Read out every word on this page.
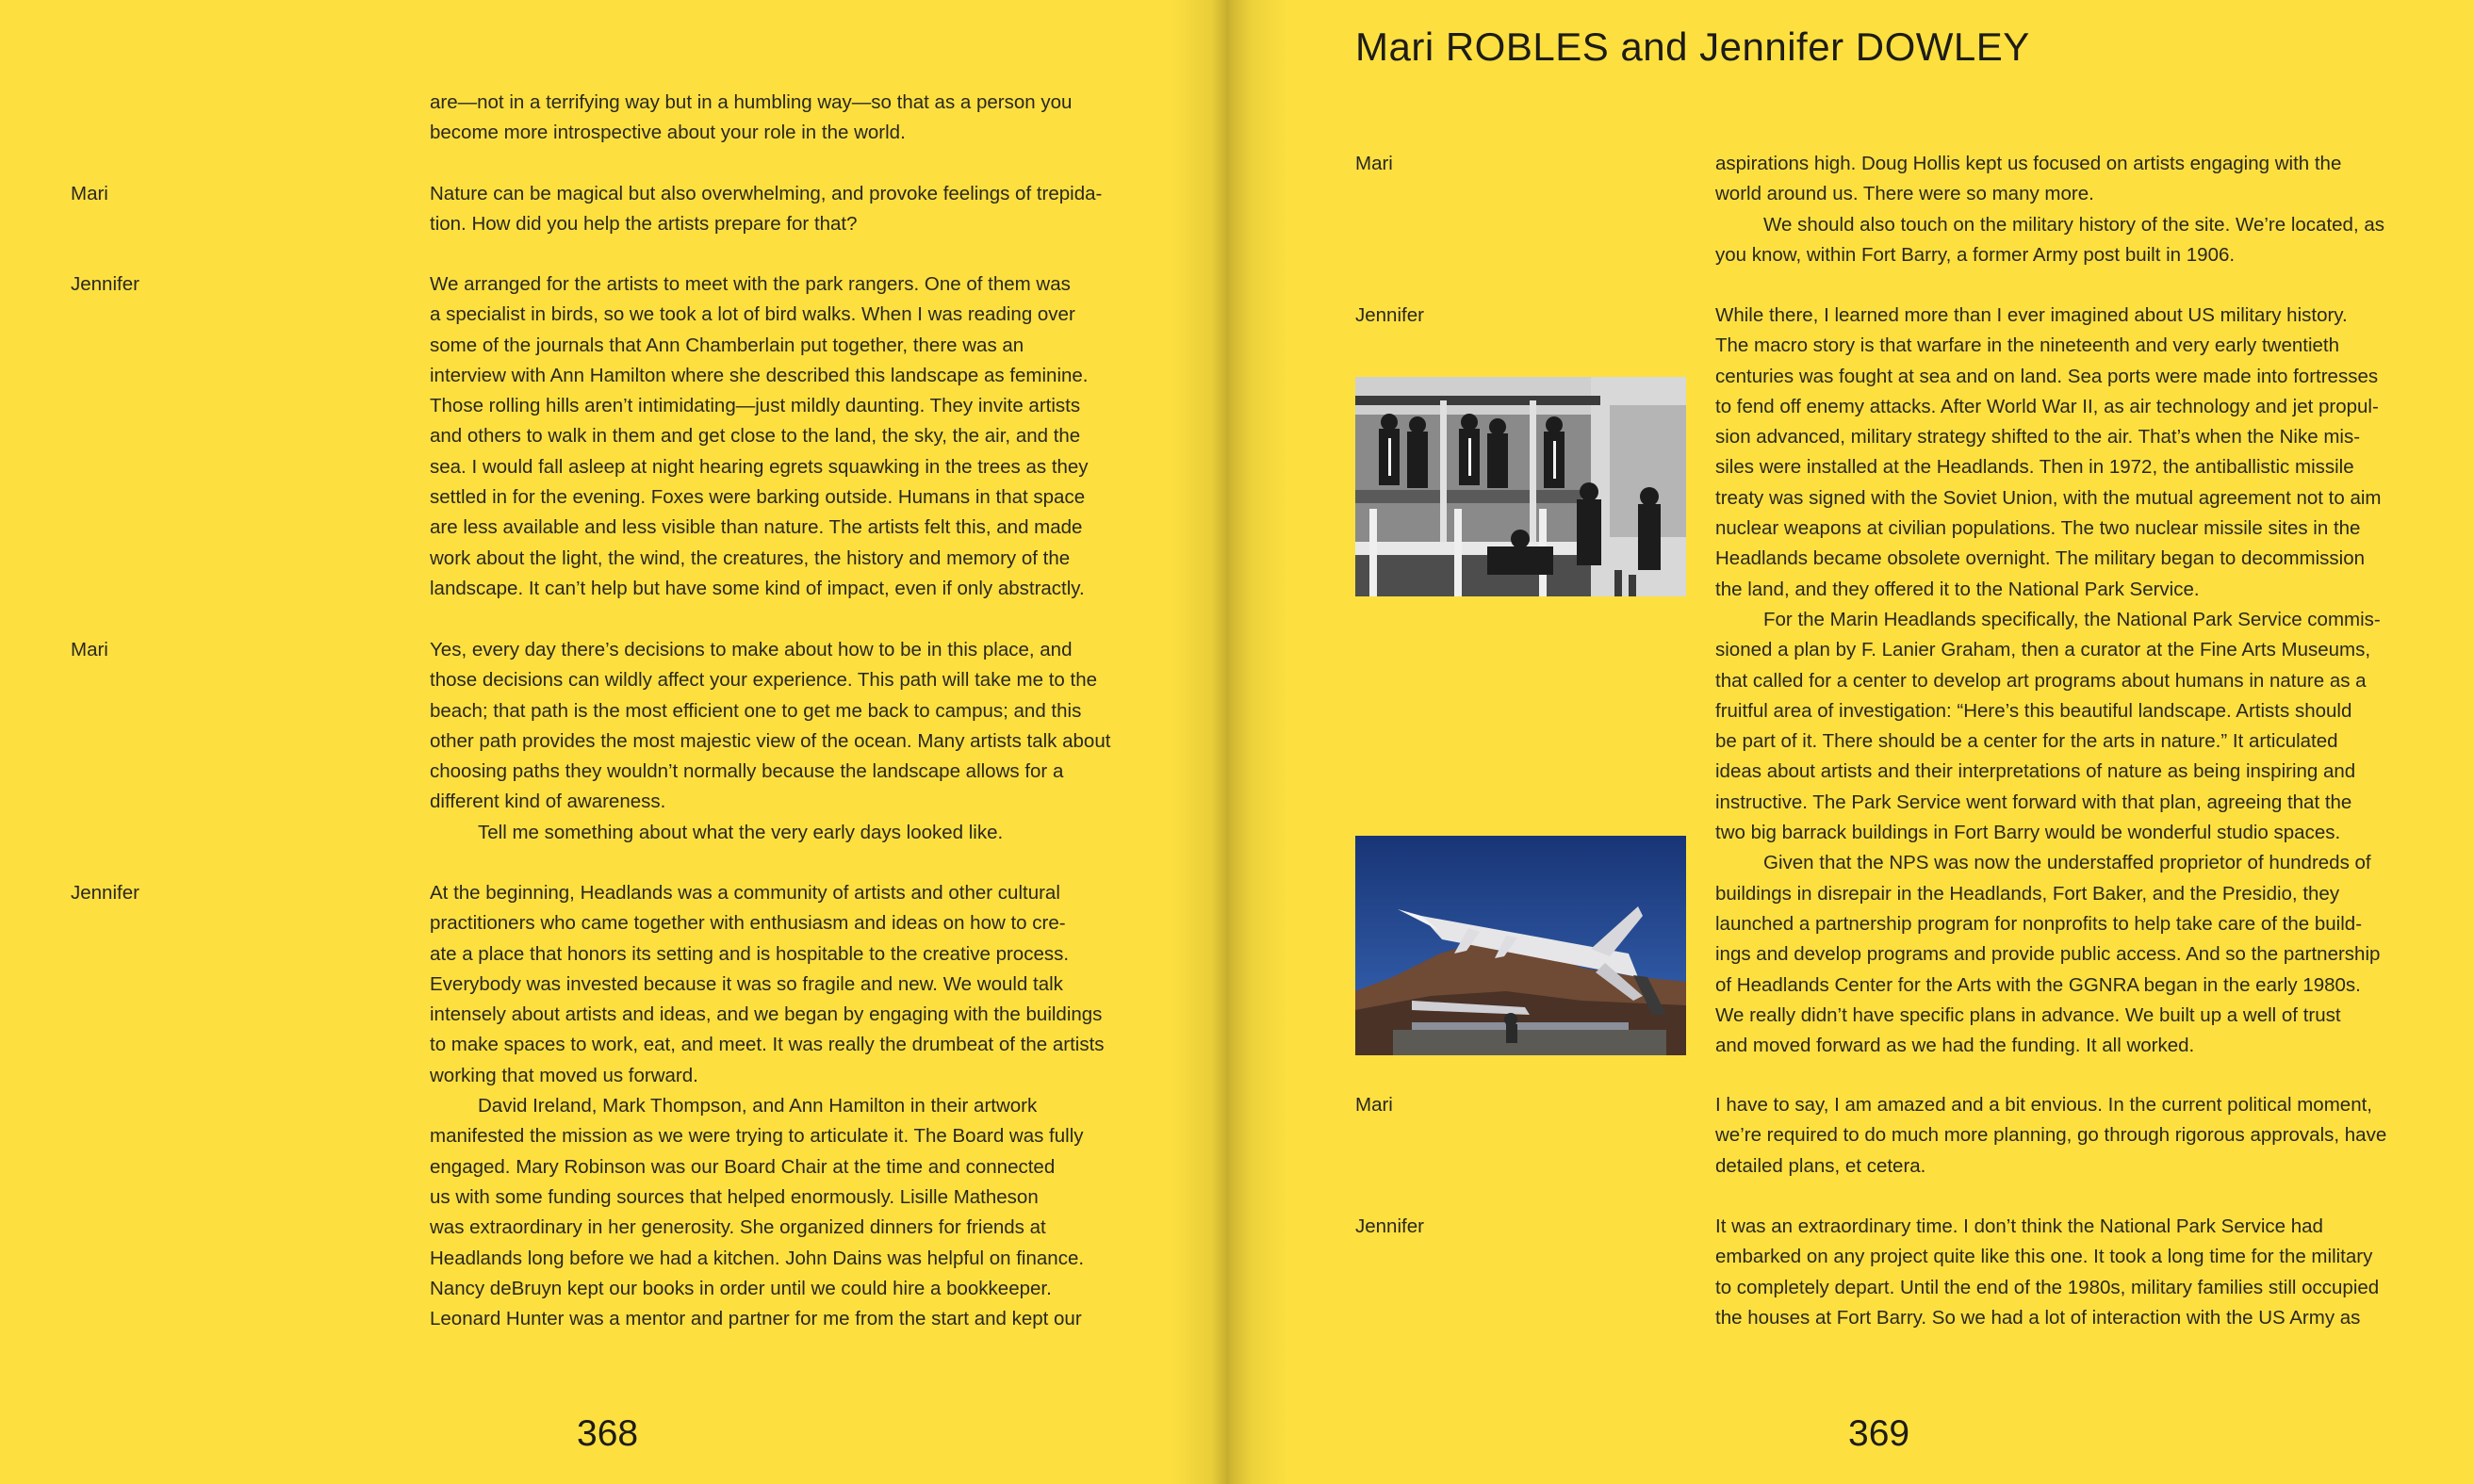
are—not in a terrifying way but in a humbling way—so that as a person you
become more introspective about your role in the world.
Mari	Nature can be magical but also overwhelming, and provoke feelings of trepida-
tion. How did you help the artists prepare for that?
Jennifer	We arranged for the artists to meet with the park rangers. One of them was
a specialist in birds, so we took a lot of bird walks. When I was reading over
some of the journals that Ann Chamberlain put together, there was an
interview with Ann Hamilton where she described this landscape as feminine.
Those rolling hills aren’t intimidating—just mildly daunting. They invite artists
and others to walk in them and get close to the land, the sky, the air, and the
sea. I would fall asleep at night hearing egrets squawking in the trees as they
settled in for the evening. Foxes were barking outside. Humans in that space
are less available and less visible than nature. The artists felt this, and made
work about the light, the wind, the creatures, the history and memory of the
landscape. It can’t help but have some kind of impact, even if only abstractly.
Mari	Yes, every day there’s decisions to make about how to be in this place, and
those decisions can wildly affect your experience. This path will take me to the
beach; that path is the most efficient one to get me back to campus; and this
other path provides the most majestic view of the ocean. Many artists talk about
choosing paths they wouldn’t normally because the landscape allows for a
different kind of awareness.
Tell me something about what the very early days looked like.
Jennifer	At the beginning, Headlands was a community of artists and other cultural
practitioners who came together with enthusiasm and ideas on how to cre-
ate a place that honors its setting and is hospitable to the creative process.
Everybody was invested because it was so fragile and new. We would talk
intensely about artists and ideas, and we began by engaging with the buildings
to make spaces to work, eat, and meet. It was really the drumbeat of the artists
working that moved us forward.
David Ireland, Mark Thompson, and Ann Hamilton in their artwork
manifested the mission as we were trying to articulate it. The Board was fully
engaged. Mary Robinson was our Board Chair at the time and connected
us with some funding sources that helped enormously. Lisille Matheson
was extraordinary in her generosity. She organized dinners for friends at
Headlands long before we had a kitchen. John Dains was helpful on finance.
Nancy deBruyn kept our books in order until we could hire a bookkeeper.
Leonard Hunter was a mentor and partner for me from the start and kept our
368
Mari ROBLES and Jennifer DOWLEY
Mari	aspirations high. Doug Hollis kept us focused on artists engaging with the
world around us. There were so many more.
We should also touch on the military history of the site. We’re located, as
you know, within Fort Barry, a former Army post built in 1906.
Jennifer	While there, I learned more than I ever imagined about US military history.
The macro story is that warfare in the nineteenth and very early twentieth
centuries was fought at sea and on land. Sea ports were made into fortresses
to fend off enemy attacks. After World War II, as air technology and jet propul-
sion advanced, military strategy shifted to the air. That’s when the Nike mis-
siles were installed at the Headlands. Then in 1972, the antiballistic missile
treaty was signed with the Soviet Union, with the mutual agreement not to aim
nuclear weapons at civilian populations. The two nuclear missile sites in the
Headlands became obsolete overnight. The military began to decommission
the land, and they offered it to the National Park Service.
For the Marin Headlands specifically, the National Park Service commis-
sioned a plan by F. Lanier Graham, then a curator at the Fine Arts Museums,
that called for a center to develop art programs about humans in nature as a
fruitful area of investigation: “Here’s this beautiful landscape. Artists should
be part of it. There should be a center for the arts in nature.” It articulated
ideas about artists and their interpretations of nature as being inspiring and
instructive. The Park Service went forward with that plan, agreeing that the
two big barrack buildings in Fort Barry would be wonderful studio spaces.
Given that the NPS was now the understaffed proprietor of hundreds of
buildings in disrepair in the Headlands, Fort Baker, and the Presidio, they
launched a partnership program for nonprofits to help take care of the build-
ings and develop programs and provide public access. And so the partnership
of Headlands Center for the Arts with the GGNRA began in the early 1980s.
We really didn’t have specific plans in advance. We built up a well of trust
and moved forward as we had the funding. It all worked.
Mari	I have to say, I am amazed and a bit envious. In the current political moment,
we’re required to do much more planning, go through rigorous approvals, have
detailed plans, et cetera.
Jennifer	It was an extraordinary time. I don’t think the National Park Service had
embarked on any project quite like this one. It took a long time for the military
to completely depart. Until the end of the 1980s, military families still occupied
the houses at Fort Barry. So we had a lot of interaction with the US Army as
369
